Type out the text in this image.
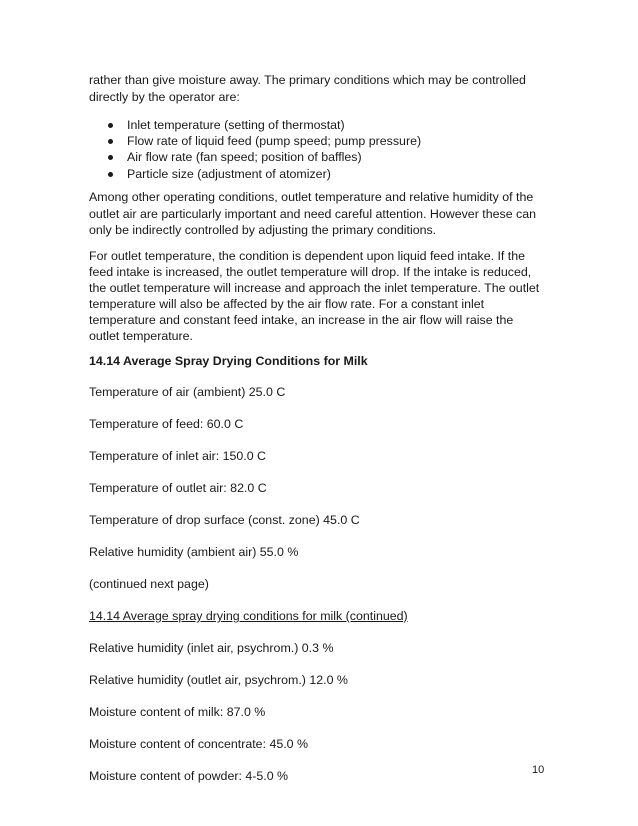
rather than give moisture away. The primary conditions which may be controlled
directly by the operator are:
Inlet temperature (setting of thermostat)
Flow rate of liquid feed (pump speed; pump pressure)
Air flow rate (fan speed; position of baffles)
Particle size (adjustment of atomizer)
Among other operating conditions, outlet temperature and relative humidity of the
outlet air are particularly important and need careful attention. However these can
only be indirectly controlled by adjusting the primary conditions.
For outlet temperature, the condition is dependent upon liquid feed intake. If the
feed intake is increased, the outlet temperature will drop. If the intake is reduced,
the outlet temperature will increase and approach the inlet temperature. The outlet
temperature will also be affected by the air flow rate. For a constant inlet
temperature and constant feed intake, an increase in the air flow will raise the
outlet temperature.
14.14 Average Spray Drying Conditions for Milk
Temperature of air (ambient) 25.0 C
Temperature of feed: 60.0 C
Temperature of inlet air: 150.0 C
Temperature of outlet air: 82.0 C
Temperature of drop surface (const. zone) 45.0 C
Relative humidity (ambient air) 55.0 %
(continued next page)
14.14 Average spray drying conditions for milk (continued)
Relative humidity (inlet air, psychrom.) 0.3 %
Relative humidity (outlet air, psychrom.) 12.0 %
Moisture content of milk: 87.0 %
Moisture content of concentrate: 45.0 %
Moisture content of powder: 4-5.0 %	10
